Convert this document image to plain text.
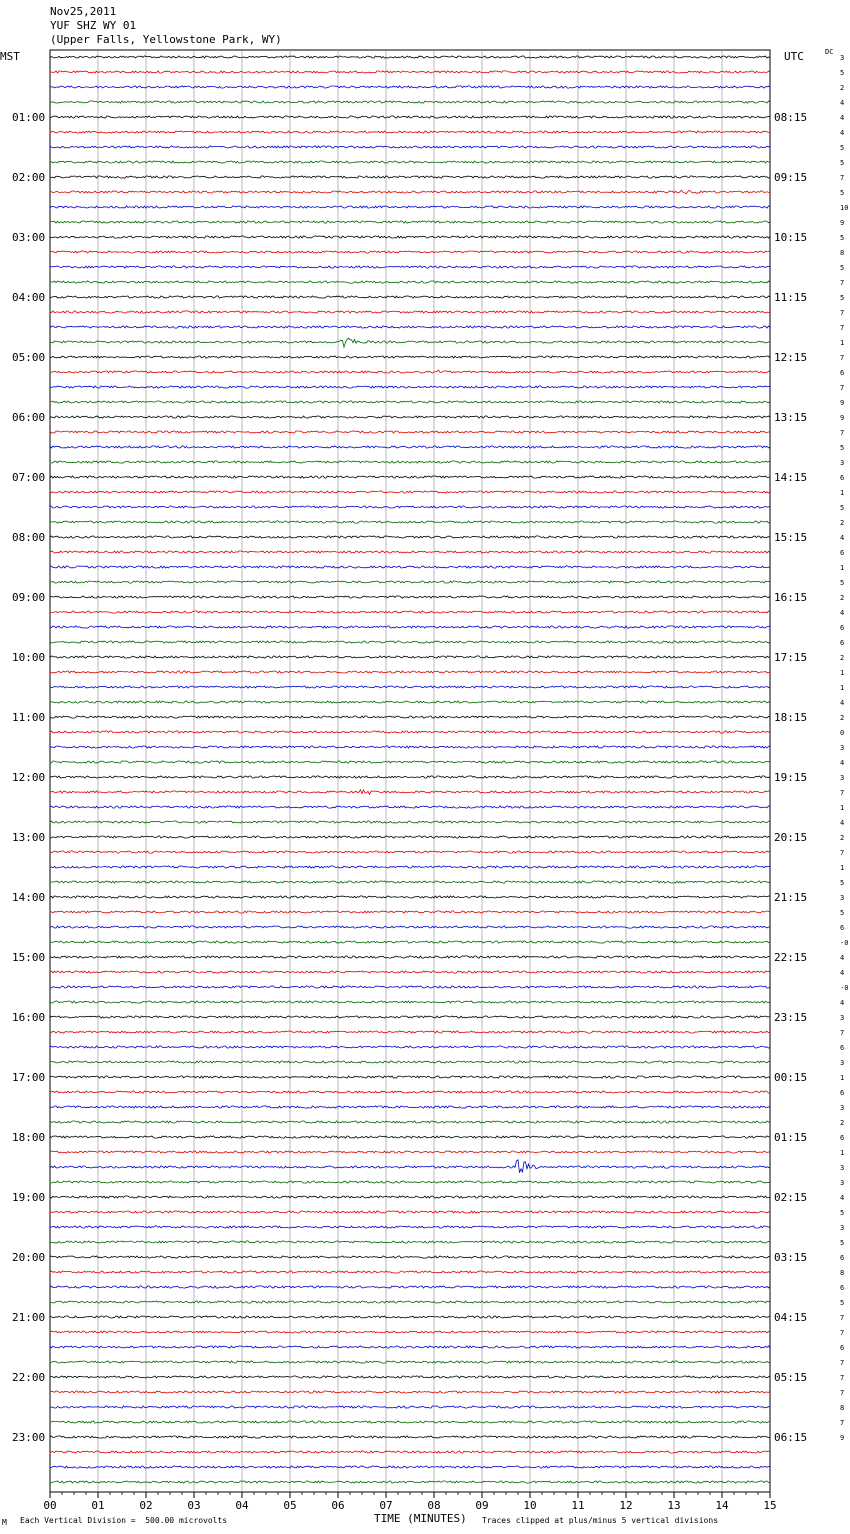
Nov25,2011
YUF SHZ WY 01
(Upper Falls, Yellowstone Park, WY)
MST	UTC	DC
01:00
02:00
03:00
04:00
05:00
06:00
07:00
08:00
09:00
10:00
11:00
12:00
13:00
14:00
15:00
16:00
17:00
18:00
19:00
20:00
21:00
22:00
23:00
08:15
09:15
10:15
11:15
12:15
13:15
14:15
15:15
16:15
17:15
18:15
19:15
20:15
21:15
22:15
23:15
00:15
01:15
02:15
03:15
04:15
05:15
06:15
3
5
2
4
4
4
5
5
7
5
10
9
5
8
5
7
5
7
7
1
7
6
7
9
9
7
5
3
6
1
5
2
4
6
1
5
2
4
6
6
2
1
1
4
2
0
3
4
3
7
1
4
2
7
1
5
3
5
6
-0
4
4
-0
4
3
7
6
3
1
6
3
2
6
1
3
3
4
5
3
5
6
8
6
5
7
7
6
7
7
7
8
7
9
00	01	02	03	04	05	06	07	08	09	10	11	12	13	14	15
M Each Vertical Division =  500.00 microvolts	Traces clipped at plus/minus 5 vertical divisions
TIME (MINUTES)
